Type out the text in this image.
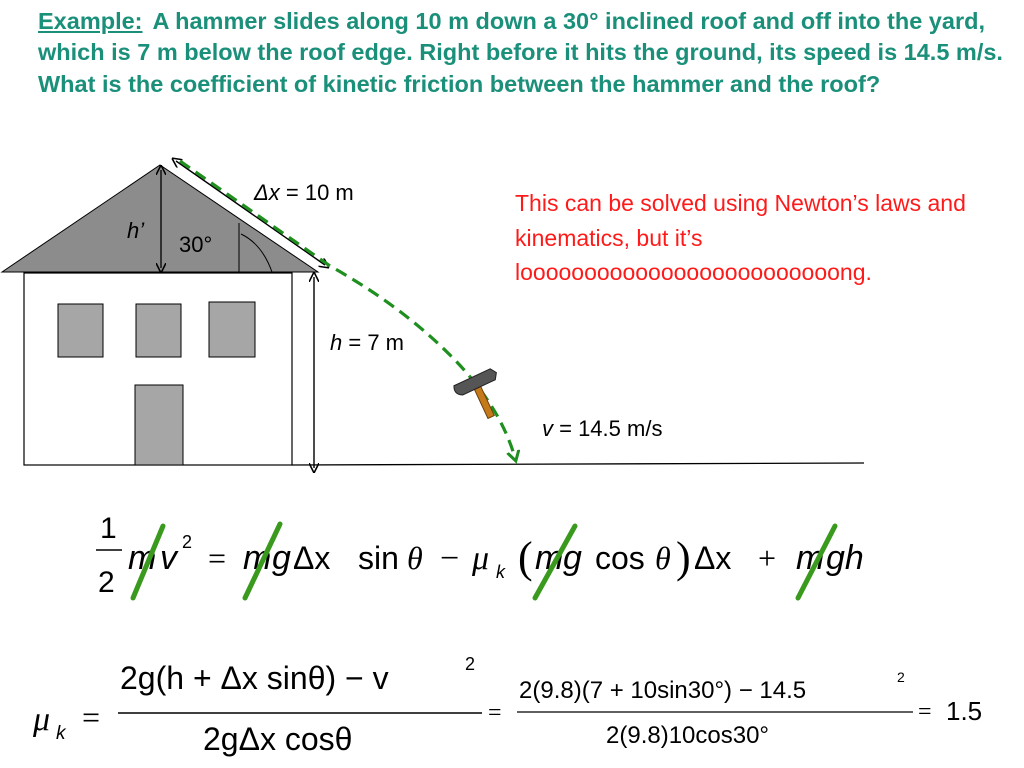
Example: A hammer slides along 10 m down a 30° inclined roof and off into the yard, which is 7 m below the roof edge. Right before it hits the ground, its speed is 14.5 m/s. What is the coefficient of kinetic friction between the hammer and the roof?
This can be solved using Newton’s laws and kinematics, but it’s looooooooooooooooooooooooong.
Δx = 10 m
h’
30°
h = 7 m
v = 14.5 m/s
1
2
m v 2 = m g Δx sin θ − μ k ( m g cos θ ) Δx + m gh
μ k =
2g(h + Δx sinθ) − v	2
2gΔx cosθ
=
2(9.8)(7 + 10sin30°) − 14.5	2
2(9.8)10cos30°
= 1.5
